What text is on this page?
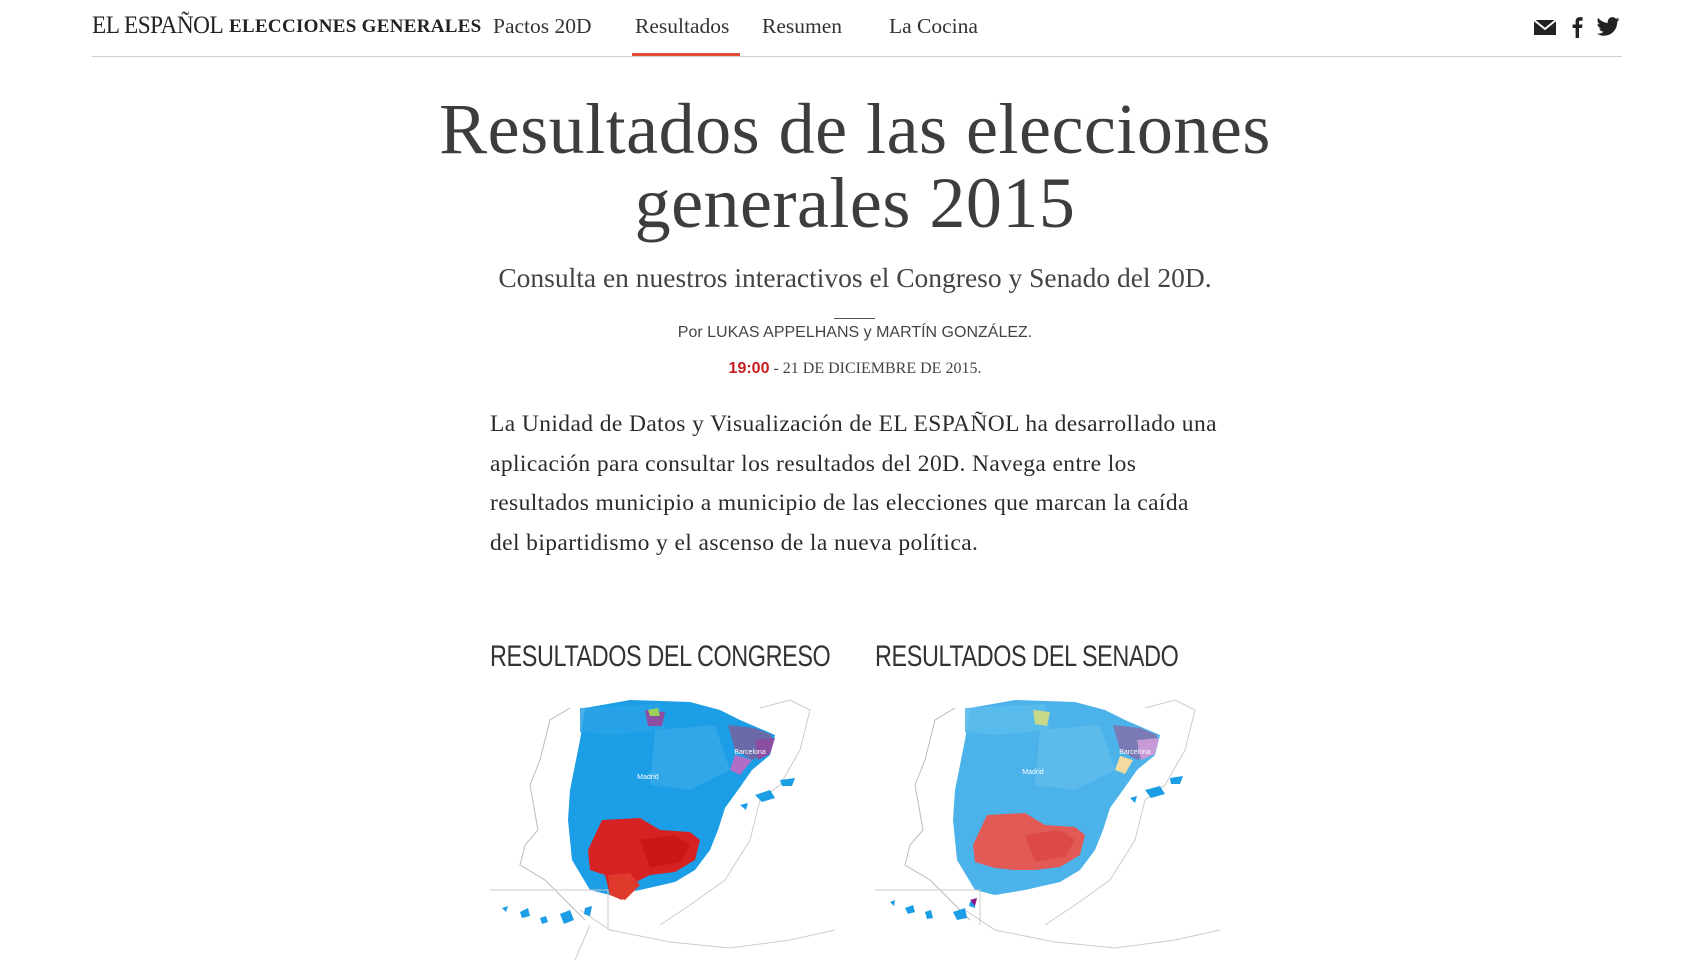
EL ESPAÑOL ELECCIONES GENERALES Pactos 20D Resultados Resumen La Cocina
Resultados de las elecciones
generales 2015
Consulta en nuestros interactivos el Congreso y Senado del 20D.
Por LUKAS APPELHANS y MARTÍN GONZÁLEZ.
19:00 - 21 DE DICIEMBRE DE 2015.
La Unidad de Datos y Visualización de EL ESPAÑOL ha desarrollado una aplicación para consultar los resultados del 20D. Navega entre los resultados municipio a municipio de las elecciones que marcan la caída del bipartidismo y el ascenso de la nueva política.
RESULTADOS DEL CONGRESO RESULTADOS DEL SENADO
Madrid
Barcelona
Madrid
Barcelona
